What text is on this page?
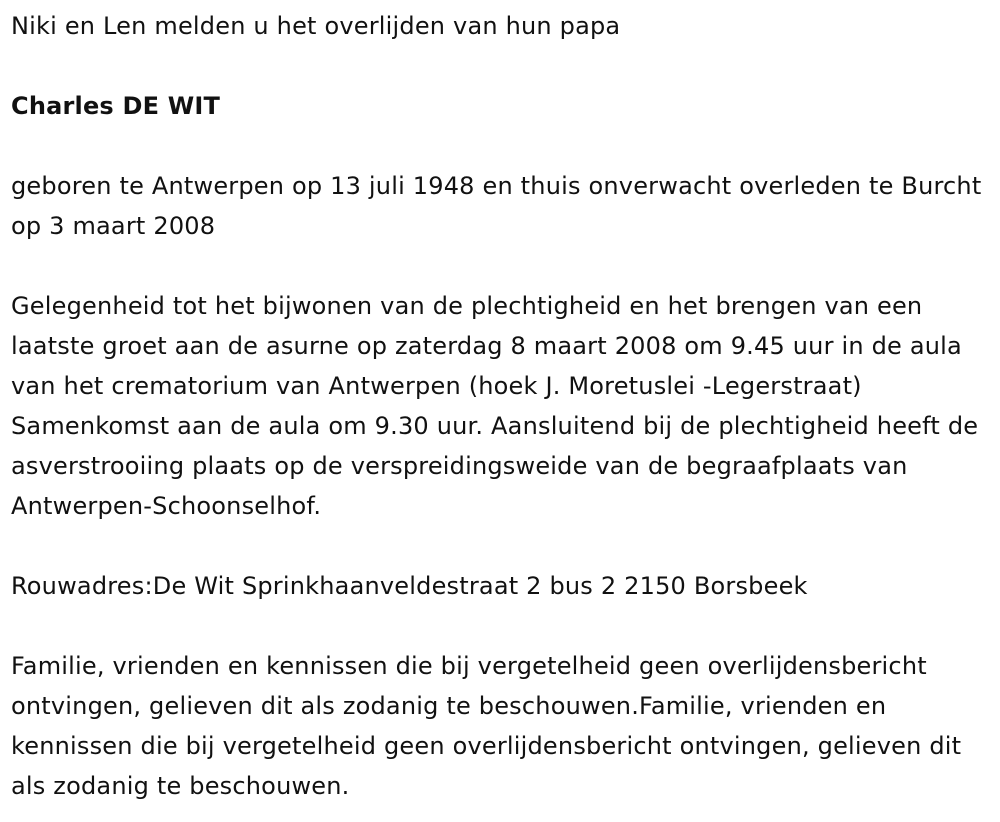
Niki en Len melden u het overlijden van hun papa

Charles DE WIT

geboren te Antwerpen op 13 juli 1948 en thuis onverwacht overleden te Burcht op 3 maart 2008

Gelegenheid tot het bijwonen van de plechtigheid en het brengen van een laatste groet aan de asurne op zaterdag 8 maart 2008 om 9.45 uur in de aula van het crematorium van Antwerpen (hoek J. Moretuslei -Legerstraat) Samenkomst aan de aula om 9.30 uur. Aansluitend bij de plechtigheid heeft de asverstrooiing plaats op de verspreidingsweide van de begraafplaats van Antwerpen-Schoonselhof.

Rouwadres:De Wit Sprinkhaanveldestraat 2 bus 2 2150 Borsbeek

Familie, vrienden en kennissen die bij vergetelheid geen overlijdensbericht ontvingen, gelieven dit als zodanig te beschouwen.Familie, vrienden en kennissen die bij vergetelheid geen overlijdensbericht ontvingen, gelieven dit als zodanig te beschouwen.
